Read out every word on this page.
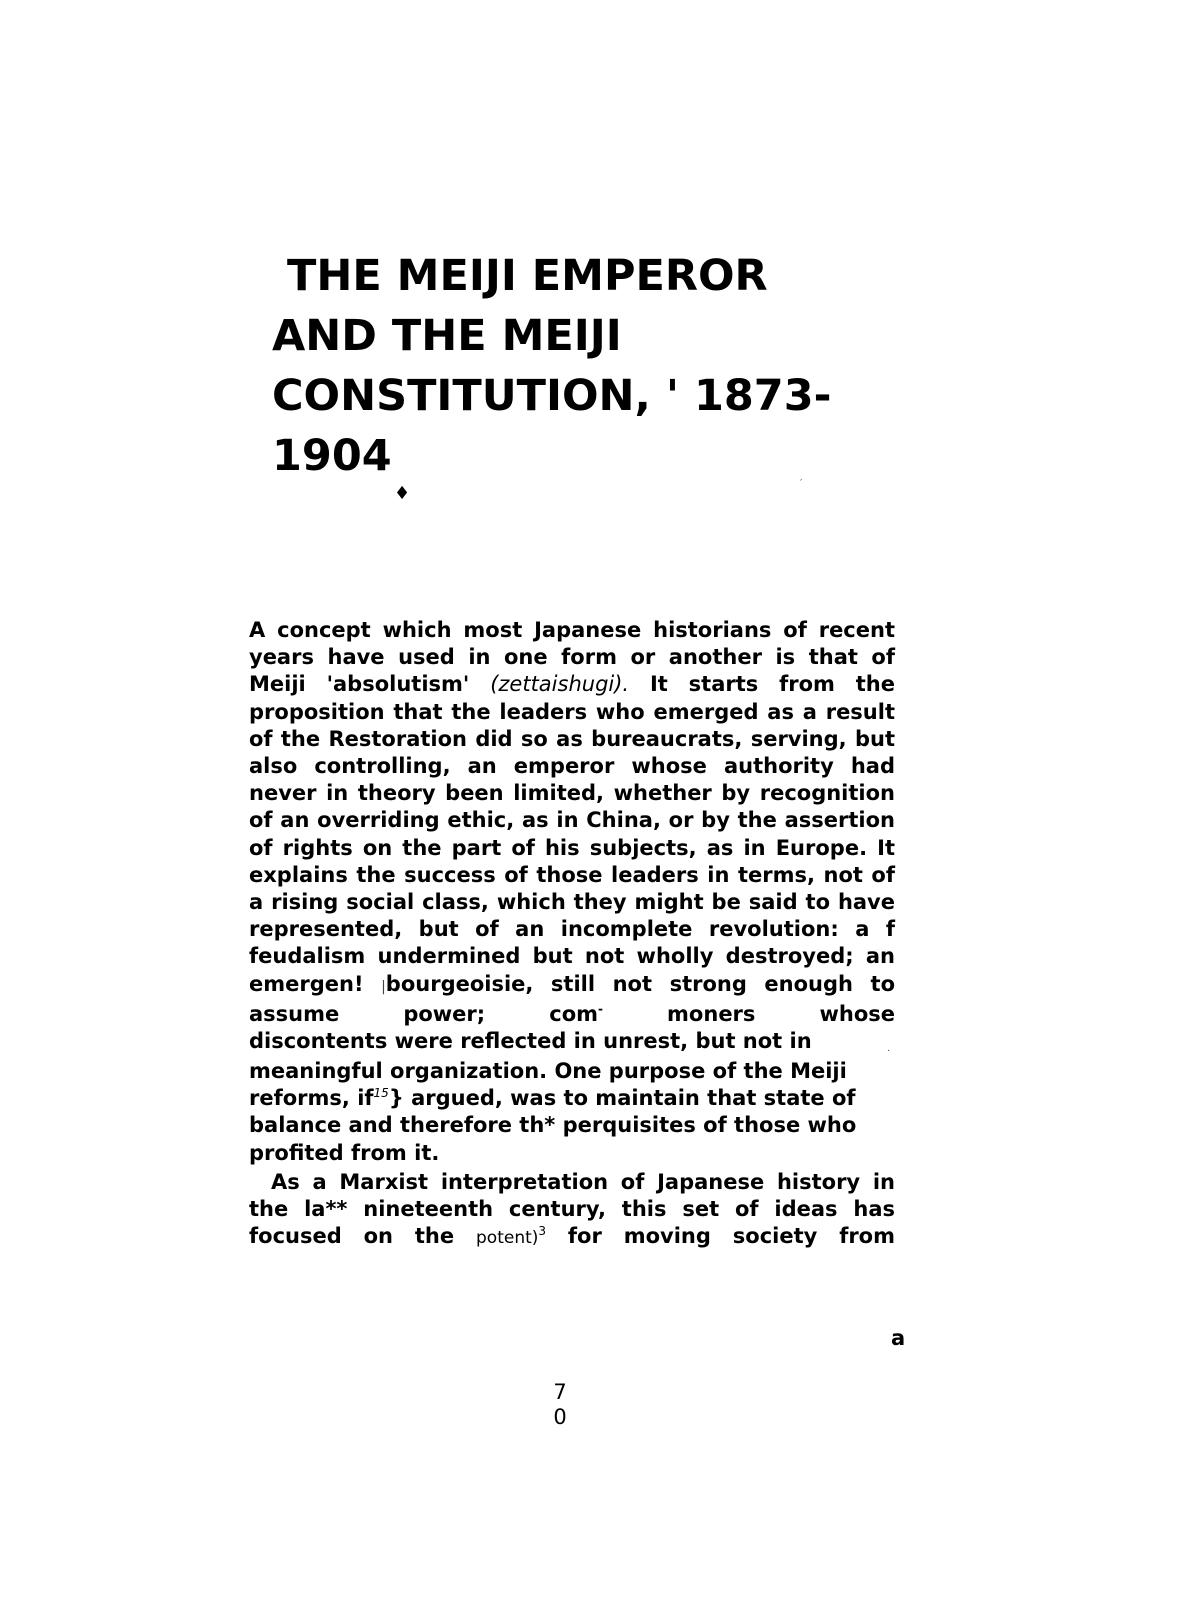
THE MEIJI EMPEROR
AND THE MEIJI
CONSTITUTION, ' 1873-
1904
♦	′
·

A concept which most Japanese historians of recent years have used in one form or another is that of Meiji 'absolutism' (zettaishugi). It starts from the proposition that the leaders who emerged as a result of the Restoration did so as bureaucrats, serving, but also controlling, an emperor whose authority had never in theory been limited, whether by recognition of an overriding ethic, as in China, or by the assertion of rights on the part of his subjects, as in Europe. It explains the success of those leaders in terms, not of a rising social class, which they might be said to have represented, but of an incomplete revolution: a f feudalism undermined but not wholly destroyed; an emergen! |bourgeoisie, still not strong enough to assume power; com- moners whose
discontents were reflected in unrest, but not in

meaningful organization. One purpose of the Meiji reforms, $if^{15}$} argued, was to maintain that state of balance and therefore th* perquisites of those who profited from it.

As a Marxist interpretation of Japanese history in the la** nineteenth century, this set of ideas has focused on the potent)$^3$ for moving society from

a
7
0
